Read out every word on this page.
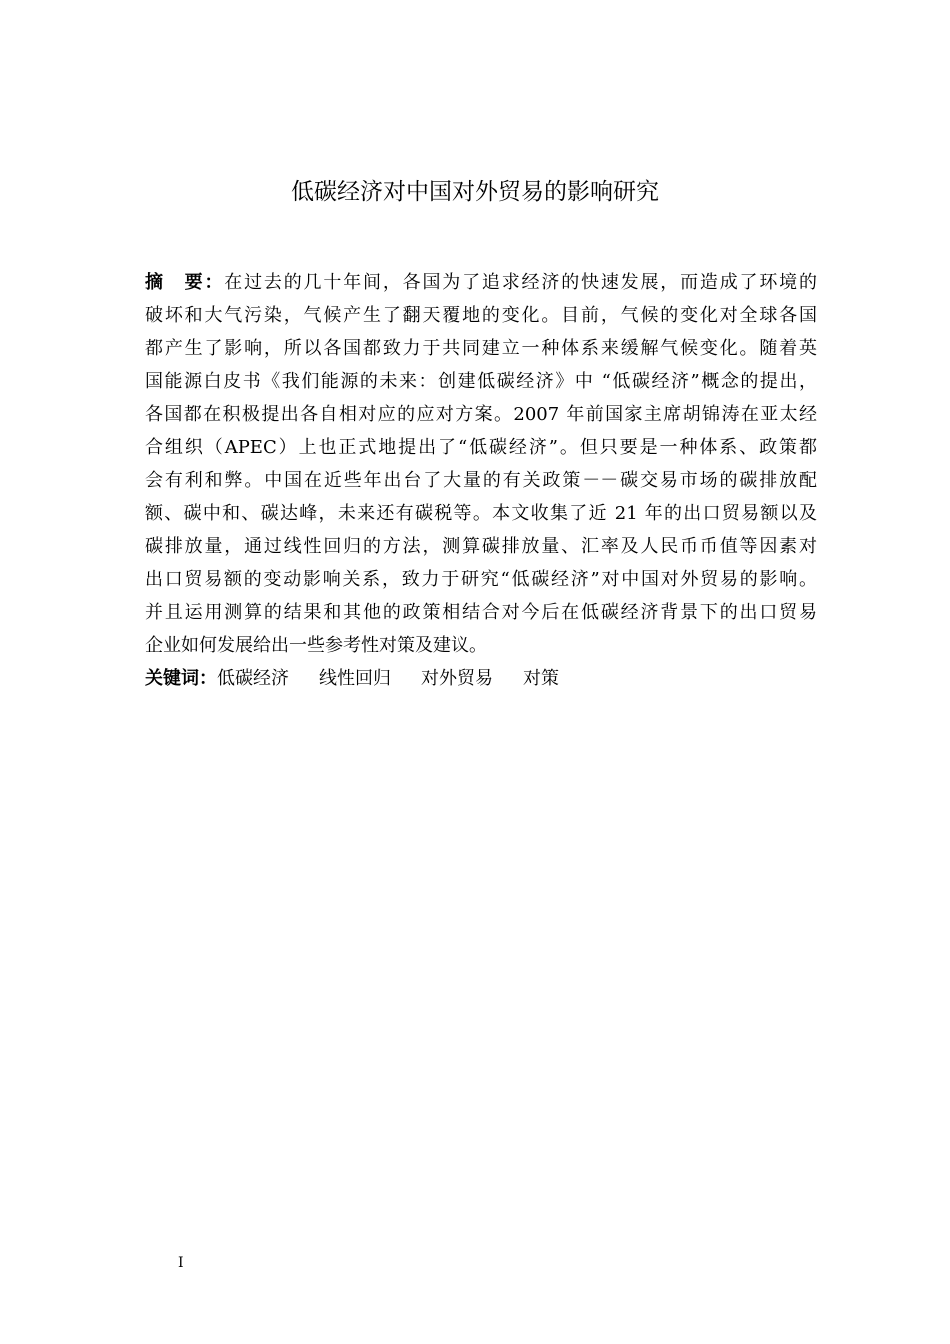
低碳经济对中国对外贸易的影响研究
摘　要：在过去的几十年间，各国为了追求经济的快速发展，而造成了环境的
破坏和大气污染，气候产生了翻天覆地的变化。目前，气候的变化对全球各国
都产生了影响，所以各国都致力于共同建立一种体系来缓解气候变化。随着英
国能源白皮书《我们能源的未来：创建低碳经济》中 “低碳经济”概念的提出，
各国都在积极提出各自相对应的应对方案。2007 年前国家主席胡锦涛在亚太经
合组织（APEC）上也正式地提出了“低碳经济”。但只要是一种体系、政策都
会有利和弊。中国在近些年出台了大量的有关政策－－碳交易市场的碳排放配
额、碳中和、碳达峰，未来还有碳税等。本文收集了近 21 年的出口贸易额以及
碳排放量，通过线性回归的方法，测算碳排放量、汇率及人民币币值等因素对
出口贸易额的变动影响关系，致力于研究“低碳经济”对中国对外贸易的影响。
并且运用测算的结果和其他的政策相结合对今后在低碳经济背景下的出口贸易
企业如何发展给出一些参考性对策及建议。
关键词：低碳经济 线性回归 对外贸易 对策
I
